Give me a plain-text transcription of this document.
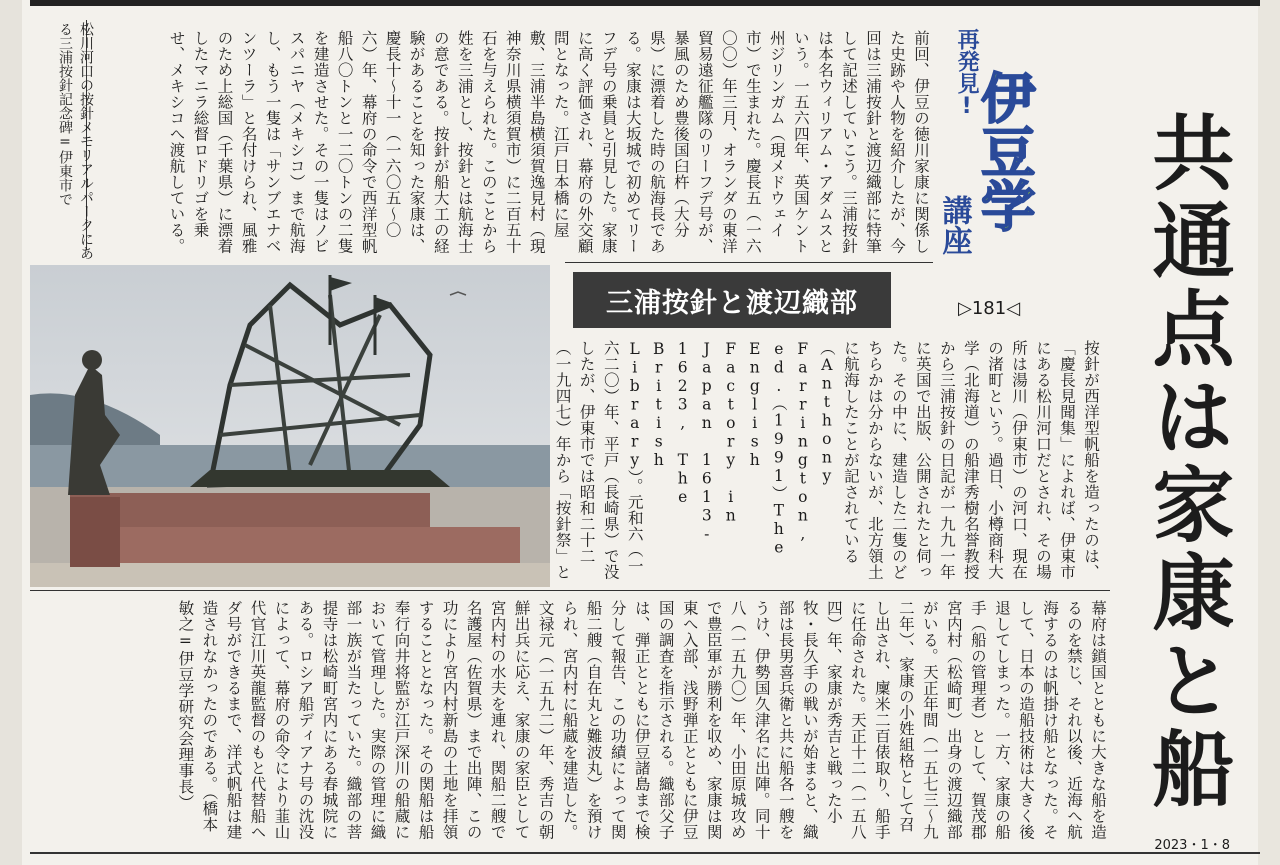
共通点は家康と船
再発見!
伊豆学
講座
▷181◁
三浦按針と渡辺織部
前回、伊豆の徳川家康に関係した史跡や人物を紹介したが、今回は三浦按針と渡辺織部に特筆して記述していこう。三浦按針は本名ウィリアム・アダムスという。一五六四年、英国ケント州ジリンガム（現メドウェイ市）で生まれた。慶長五（一六〇〇）年三月、オランダの東洋貿易遠征艦隊のリーフデ号が、暴風のため豊後国臼杵（大分県）に漂着した時の航海長である。家康は大坂城で初めてリーフデ号の乗員と引見した。家康に高く評価され、幕府の外交顧問となった。江戸日本橋に屋敷、三浦半島横須賀逸見村（現神奈川県横須賀市）に二百五十石を与えられた。このことから姓を三浦とし、按針とは航海士の意である。按針が船大工の経験があることを知った家康は、慶長十～十一（一六〇五～〇六）年、幕府の命令で西洋型帆船八〇トンと一二〇トンの二隻を建造させた。その一隻はノビスパニヤ（メキシコ）まで航海し、もう一隻は「サンブエナベンツーラ」と名付けられ、風雅のため上総国（千葉県）に漂着したマニラ総督ロドリゴを乗せ、メキシコへ渡航している。
按針が西洋型帆船を造ったのは、「慶長見聞集」によれば、伊東市にある松川河口だとされ、その場所は湯川（伊東市）の河口、現在の渚町という。過日、小樽商科大学（北海道）の船津秀樹名誉教授から三浦按針の日記が一九九一年に英国で出版、公開されたと伺った。その中に、建造した二隻のどちらかは分からないが、北方領土に航海したことが記されている（Anthony Farrington, ed.（1991）The English Factory in Japan 1613-1623, The British Library）。元和六（一六二〇）年、平戸（長崎県）で没したが、伊東市では昭和二十二（一九四七）年から「按針祭」と
幕府は鎖国とともに大きな船を造るのを禁じ、それ以後、近海へ航海するのは帆掛け船となった。そして、日本の造船技術は大きく後退してしまった。一方、家康の船手（船の管理者）として、賀茂郡宮内村（松崎町）出身の渡辺織部がいる。天正年間（一五七三～九二年）、家康の小姓組格として召し出され、廩米二百俵取り、船手に任命された。天正十二（一五八四）年、家康が秀吉と戦った小牧・長久手の戦いが始まると、織部は長男喜兵衛と共に船各一艘をうけ、伊勢国久津名に出陣。同十八（一五九〇）年、小田原城攻めで豊臣軍が勝利を収め、家康は関東へ入部、浅野弾正とともに伊豆国の調査を指示される。織部父子は、弾正とともに伊豆諸島まで検分して報告、この功績によって関船二艘（自在丸と難波丸）を預けられ、宮内村に船蔵を建造した。文禄元（一五九二）年、秀吉の朝鮮出兵に応え、家康の家臣として宮内村の水夫を連れ、関船二艘で名護屋（佐賀県）まで出陣、この功により宮内村新島の土地を拝領することとなった。その関船は船奉行向井将監が江戸深川の船蔵において管理した。実際の管理に織部一族が当たっていた。織部の菩提寺は松崎町宮内にある春城院にある。ロシア船ディアナ号の沈没によって、幕府の命令により韮山代官江川英龍監督のもと代替船ヘダ号ができるまで、洋式帆船は建造されなかったのである。（橋本敏之=伊豆学研究会理事長）
松川河口の按針メモリアルパークにある三浦按針記念碑=伊東市で
2023・1・8
